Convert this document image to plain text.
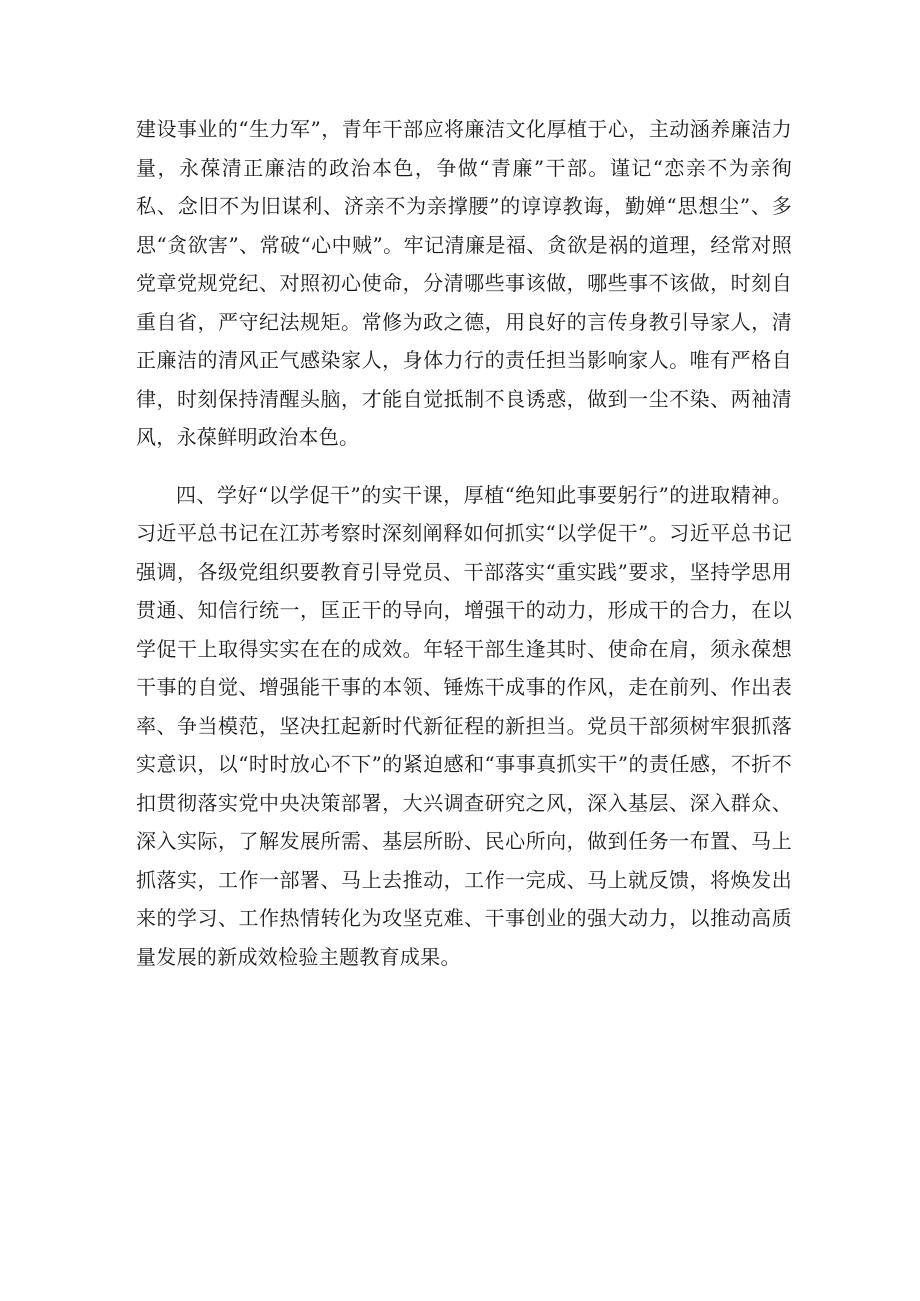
建设事业的“生力军”，青年干部应将廉洁文化厚植于心，主动涵养廉洁力量，永葆清正廉洁的政治本色，争做“青廉”干部。谨记“恋亲不为亲徇私、念旧不为旧谋利、济亲不为亲撑腰”的谆谆教诲，勤婵“思想尘”、多思“贪欲害”、常破“心中贼”。牢记清廉是福、贪欲是祸的道理，经常对照党章党规党纪、对照初心使命，分清哪些事该做，哪些事不该做，时刻自重自省，严守纪法规矩。常修为政之德，用良好的言传身教引导家人，清正廉洁的清风正气感染家人，身体力行的责任担当影响家人。唯有严格自律，时刻保持清醒头脑，才能自觉抵制不良诱惑，做到一尘不染、两袖清风，永葆鲜明政治本色。

四、学好“以学促干”的实干课，厚植“绝知此事要躬行”的进取精神。习近平总书记在江苏考察时深刻阐释如何抓实“以学促干”。习近平总书记强调，各级党组织要教育引导党员、干部落实“重实践”要求，坚持学思用贯通、知信行统一，匡正干的导向，增强干的动力，形成干的合力，在以学促干上取得实实在在的成效。年轻干部生逢其时、使命在肩，须永葆想干事的自觉、增强能干事的本领、锤炼干成事的作风，走在前列、作出表率、争当模范，坚决扛起新时代新征程的新担当。党员干部须树牢狠抓落实意识，以“时时放心不下”的紧迫感和“事事真抓实干”的责任感，不折不扣贯彻落实党中央决策部署，大兴调查研究之风，深入基层、深入群众、深入实际，了解发展所需、基层所盼、民心所向，做到任务一布置、马上抓落实，工作一部署、马上去推动，工作一完成、马上就反馈，将焕发出来的学习、工作热情转化为攻坚克难、干事创业的强大动力，以推动高质量发展的新成效检验主题教育成果。
